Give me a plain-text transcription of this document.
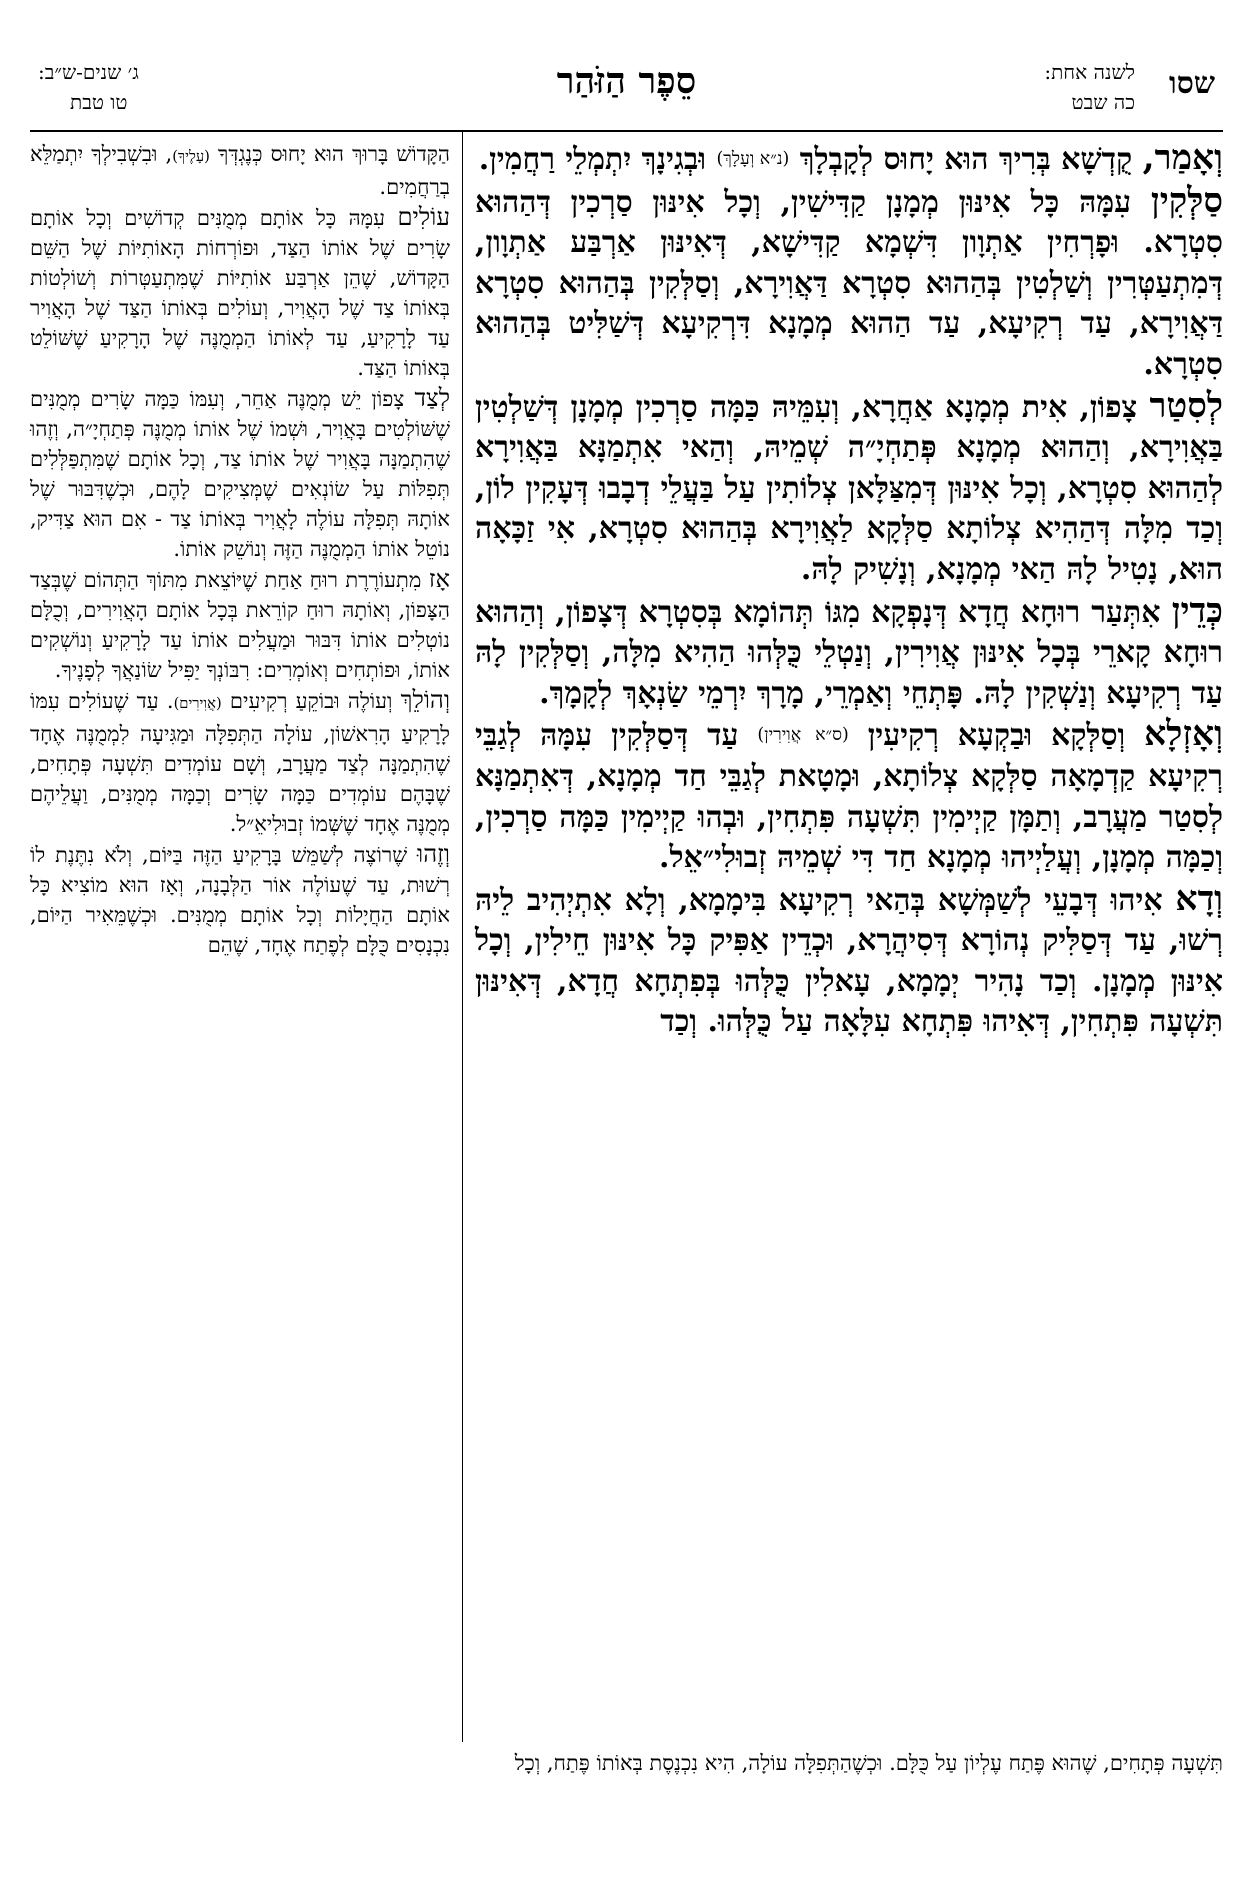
שסו
לשנה אחת:
כה שבט
סֵפֶר הַזֹּהַר
ג׳ שנים-ש״ב:
טו טבת

וְאָמַר, קֻדְשָׁא בְּרִיךְ הוּא יָחוּס לְקָבְלָךְ (נ״א וְעָלָךְ) וּבְגִינָךְ יִתְמְלֵי רַחֲמִין.

סַלְּקִין עִמָּהּ כָּל אִינּוּן מְמָנָן קַדִּישִׁין, וְכָל אִינּוּן סַרְכִין דְּהַהוּא סִטְרָא. וּפָרְחִין אַתְוָון דִּשְׁמָא קַדִּישָׁא, דְּאִינּוּן אַרְבַּע אַתְוָון, דְּמִתְעַטְּרִין וְשַׁלְטִין בְּהַהוּא סִטְרָא דַּאֲוִירָא, וְסַלְּקִין בְּהַהוּא סִטְרָא דַּאֲוִירָא, עַד רְקִיעָא, עַד הַהוּא מְמָנָא דִּרְקִיעָא דְּשַׁלִּיט בְּהַהוּא סִטְרָא.

לְסִטַר צָפוֹן, אִית מְמָנָא אַחֲרָא, וְעִמֵּיהּ כַּמָּה סַרְכִין מְמָנָן דְּשַׁלְטִין בַּאֲוִירָא, וְהַהוּא מְמָנָא פְּתַחְיָ״ה שְׁמֵיהּ, וְהַאי אִתְמַנָּא בַּאֲוִירָא לְהַהוּא סִטְרָא, וְכָל אִינּוּן דְּמִצַּלָּאן צְלוֹתִין עַל בַּעֲלֵי דְבָבוּ דְּעָקִין לוֹן, וְכַד מִלָּה דְּהַהִיא צְלוֹתָא סַלְּקָא לַאֲוִירָא בְּהַהוּא סִטְרָא, אִי זַכָּאָה הוּא, נָטִיל לָהּ הַאי מְמָנָא, וְנָשִׁיק לָהּ.

כְּדֵין אִתְּעַר רוּחָא חֲדָא דְּנָפְקָא מִגּוֹ תְּהוֹמָא בְּסִטְרָא דְּצָפוֹן, וְהַהוּא רוּחָא קָארֵי בְּכָל אִינּוּן אֲוִירִין, וְנַטְלֵי כֻּלְּהוּ הַהִיא מִלָּה, וְסַלְּקִין לָהּ עַד רְקִיעָא וְנַשְׁקִין לָהּ. פָּתְחֵי וְאַמְרֵי, מָרָךְ יִרְמֵי שַׂנְאָךְ לְקָמָךְ.

וְאָזְלָא וְסַלְּקָא וּבַקְעָא רְקִיעִין (ס״א אֲוִירִין) עַד דְּסַלְּקִין עִמָּהּ לְגַבֵּי רְקִיעָא קַדְמָאָה סַלְּקָא צְלוֹתָא, וּמָטָאת לְגַבֵּי חַד מְמָנָא, דְּאִתְמַנָּא לְסִטַר מַעֲרָב, וְתַמָּן קַיְימִין תִּשְׁעָה פִּתְחִין, וּבְהוּ קַיְימִין כַּמָּה סַרְכִין, וְכַמָּה מְמָנָן, וְעֲלַיְיהוּ מְמָנָא חַד דִּי שְׁמֵיהּ זְבוּלִי״אֵל.

וְדָא אִיהוּ דְּבָעֵי לְשַׁמְּשָׁא בְּהַאי רְקִיעָא בִּימָמָא, וְלָא אִתְיְהִיב לֵיהּ רְשׁוּ, עַד דְּסַלִּיק נְהוֹרָא דְּסִיהֲרָא, וּכְדֵין אַפִּיק כָּל אִינּוּן חֵילִין, וְכָל אִינּוּן מְמָנָן. וְכַד נָהִיר יְמָמָא, עָאלִין כֻּלְּהוּ בְּפִתְחָא חֲדָא, דְּאִינּוּן תִּשְׁעָה פִּתְחִין, דְּאִיהוּ פִּתְחָא עִלָּאָה עַל כֻּלְּהוּ. וְכַד

הַקָּדוֹשׁ בָּרוּךְ הוּא יָחוּס כְּנֶגְדְּךָ (עָלֶיךָ), וּבִשְׁבִילְךָ יִתְמַלֵּא בְרַחֲמִים.

עוֹלִים עִמָּהּ כָּל אוֹתָם מְמֻנִּים קְדוֹשִׁים וְכָל אוֹתָם שָׂרִים שֶׁל אוֹתוֹ הַצַּד, וּפוֹרְחוֹת הָאוֹתִיּוֹת שֶׁל הַשֵּׁם הַקָּדוֹשׁ, שֶׁהֵן אַרְבַּע אוֹתִיּוֹת שֶׁמִּתְעַטְּרוֹת וְשׁוֹלְטוֹת בְּאוֹתוֹ צַד שֶׁל הָאֲוִיר, וְעוֹלִים בְּאוֹתוֹ הַצַּד שֶׁל הָאֲוִיר עַד לָרָקִיעַ, עַד לְאוֹתוֹ הַמְמֻנֶּה שֶׁל הָרָקִיעַ שֶׁשּׁוֹלֵט בְּאוֹתוֹ הַצַּד.

לְצַד צָפוֹן יֵשׁ מְמֻנֶּה אַחֵר, וְעִמּוֹ כַּמָּה שָׂרִים מְמֻנִּים שֶׁשּׁוֹלְטִים בָּאֲוִיר, וּשְׁמוֹ שֶׁל אוֹתוֹ מְמֻנֶּה פְּתַחְיָ״ה, וְזֶהוּ שֶׁהִתְמַנָּה בָּאֲוִיר שֶׁל אוֹתוֹ צַד, וְכָל אוֹתָם שֶׁמִּתְפַּלְּלִים תְּפִלּוֹת עַל שׂוֹנְאִים שֶׁמְּצִיקִים לָהֶם, וּכְשֶׁדִּבּוּר שֶׁל אוֹתָהּ תְּפִלָּה עוֹלֶה לָאֲוִיר בְּאוֹתוֹ צַד - אִם הוּא צַדִּיק, נוֹטֵל אוֹתוֹ הַמְמֻנֶּה הַזֶּה וְנוֹשֵׁק אוֹתוֹ.

אָז מִתְעוֹרֶרֶת רוּחַ אַחַת שֶׁיּוֹצֵאת מִתּוֹךְ הַתְּהוֹם שֶׁבְּצַד הַצָּפוֹן, וְאוֹתָהּ רוּחַ קוֹרֵאת בְּכָל אוֹתָם הָאֲוִירִים, וְכֻלָּם נוֹטְלִים אוֹתוֹ דִּבּוּר וּמַעֲלִים אוֹתוֹ עַד לָרָקִיעַ וְנוֹשְׁקִים אוֹתוֹ, וּפוֹתְחִים וְאוֹמְרִים: רִבּוֹנְךָ יַפִּיל שׂוֹנַאֲךָ לְפָנֶיךָ.

וְהוֹלֵךְ וְעוֹלֶה וּבוֹקֵעַ רְקִיעִים (אֲוִירִים). עַד שֶׁעוֹלִים עִמּוֹ לָרָקִיעַ הָרִאשׁוֹן, עוֹלָה הַתְּפִלָּה וּמַגִּיעָה לִמְמֻנֶּה אֶחָד שֶׁהִתְמַנָּה לְצַד מַעֲרָב, וְשָׁם עוֹמְדִים תִּשְׁעָה פְּתָחִים, שֶׁבָּהֶם עוֹמְדִים כַּמָּה שָׂרִים וְכַמָּה מְמֻנִּים, וַעֲלֵיהֶם מְמֻנֶּה אֶחָד שֶׁשְּׁמוֹ זְבוּלִיאֵ״ל.

וְזֶהוּ שֶׁרוֹצֶה לְשַׁמֵּשׁ בָּרָקִיעַ הַזֶּה בַּיּוֹם, וְלֹא נִתֶּנֶת לוֹ רְשׁוּת, עַד שֶׁעוֹלֶה אוֹר הַלְּבָנָה, וְאָז הוּא מוֹצִיא כָּל אוֹתָם הַחֲיָלוֹת וְכָל אוֹתָם מְמֻנִּים. וּכְשֶׁמֵּאִיר הַיּוֹם, נִכְנָסִים כֻּלָּם לְפֶתַח אֶחָד, שֶׁהֵם

תִּשְׁעָה פְּתָחִים, שֶׁהוּא פֶּתַח עֶלְיוֹן עַל כֻּלָּם. וּכְשֶׁהַתְּפִלָּה עוֹלָה, הִיא נִכְנֶסֶת בְּאוֹתוֹ פֶּתַח, וְכָל
